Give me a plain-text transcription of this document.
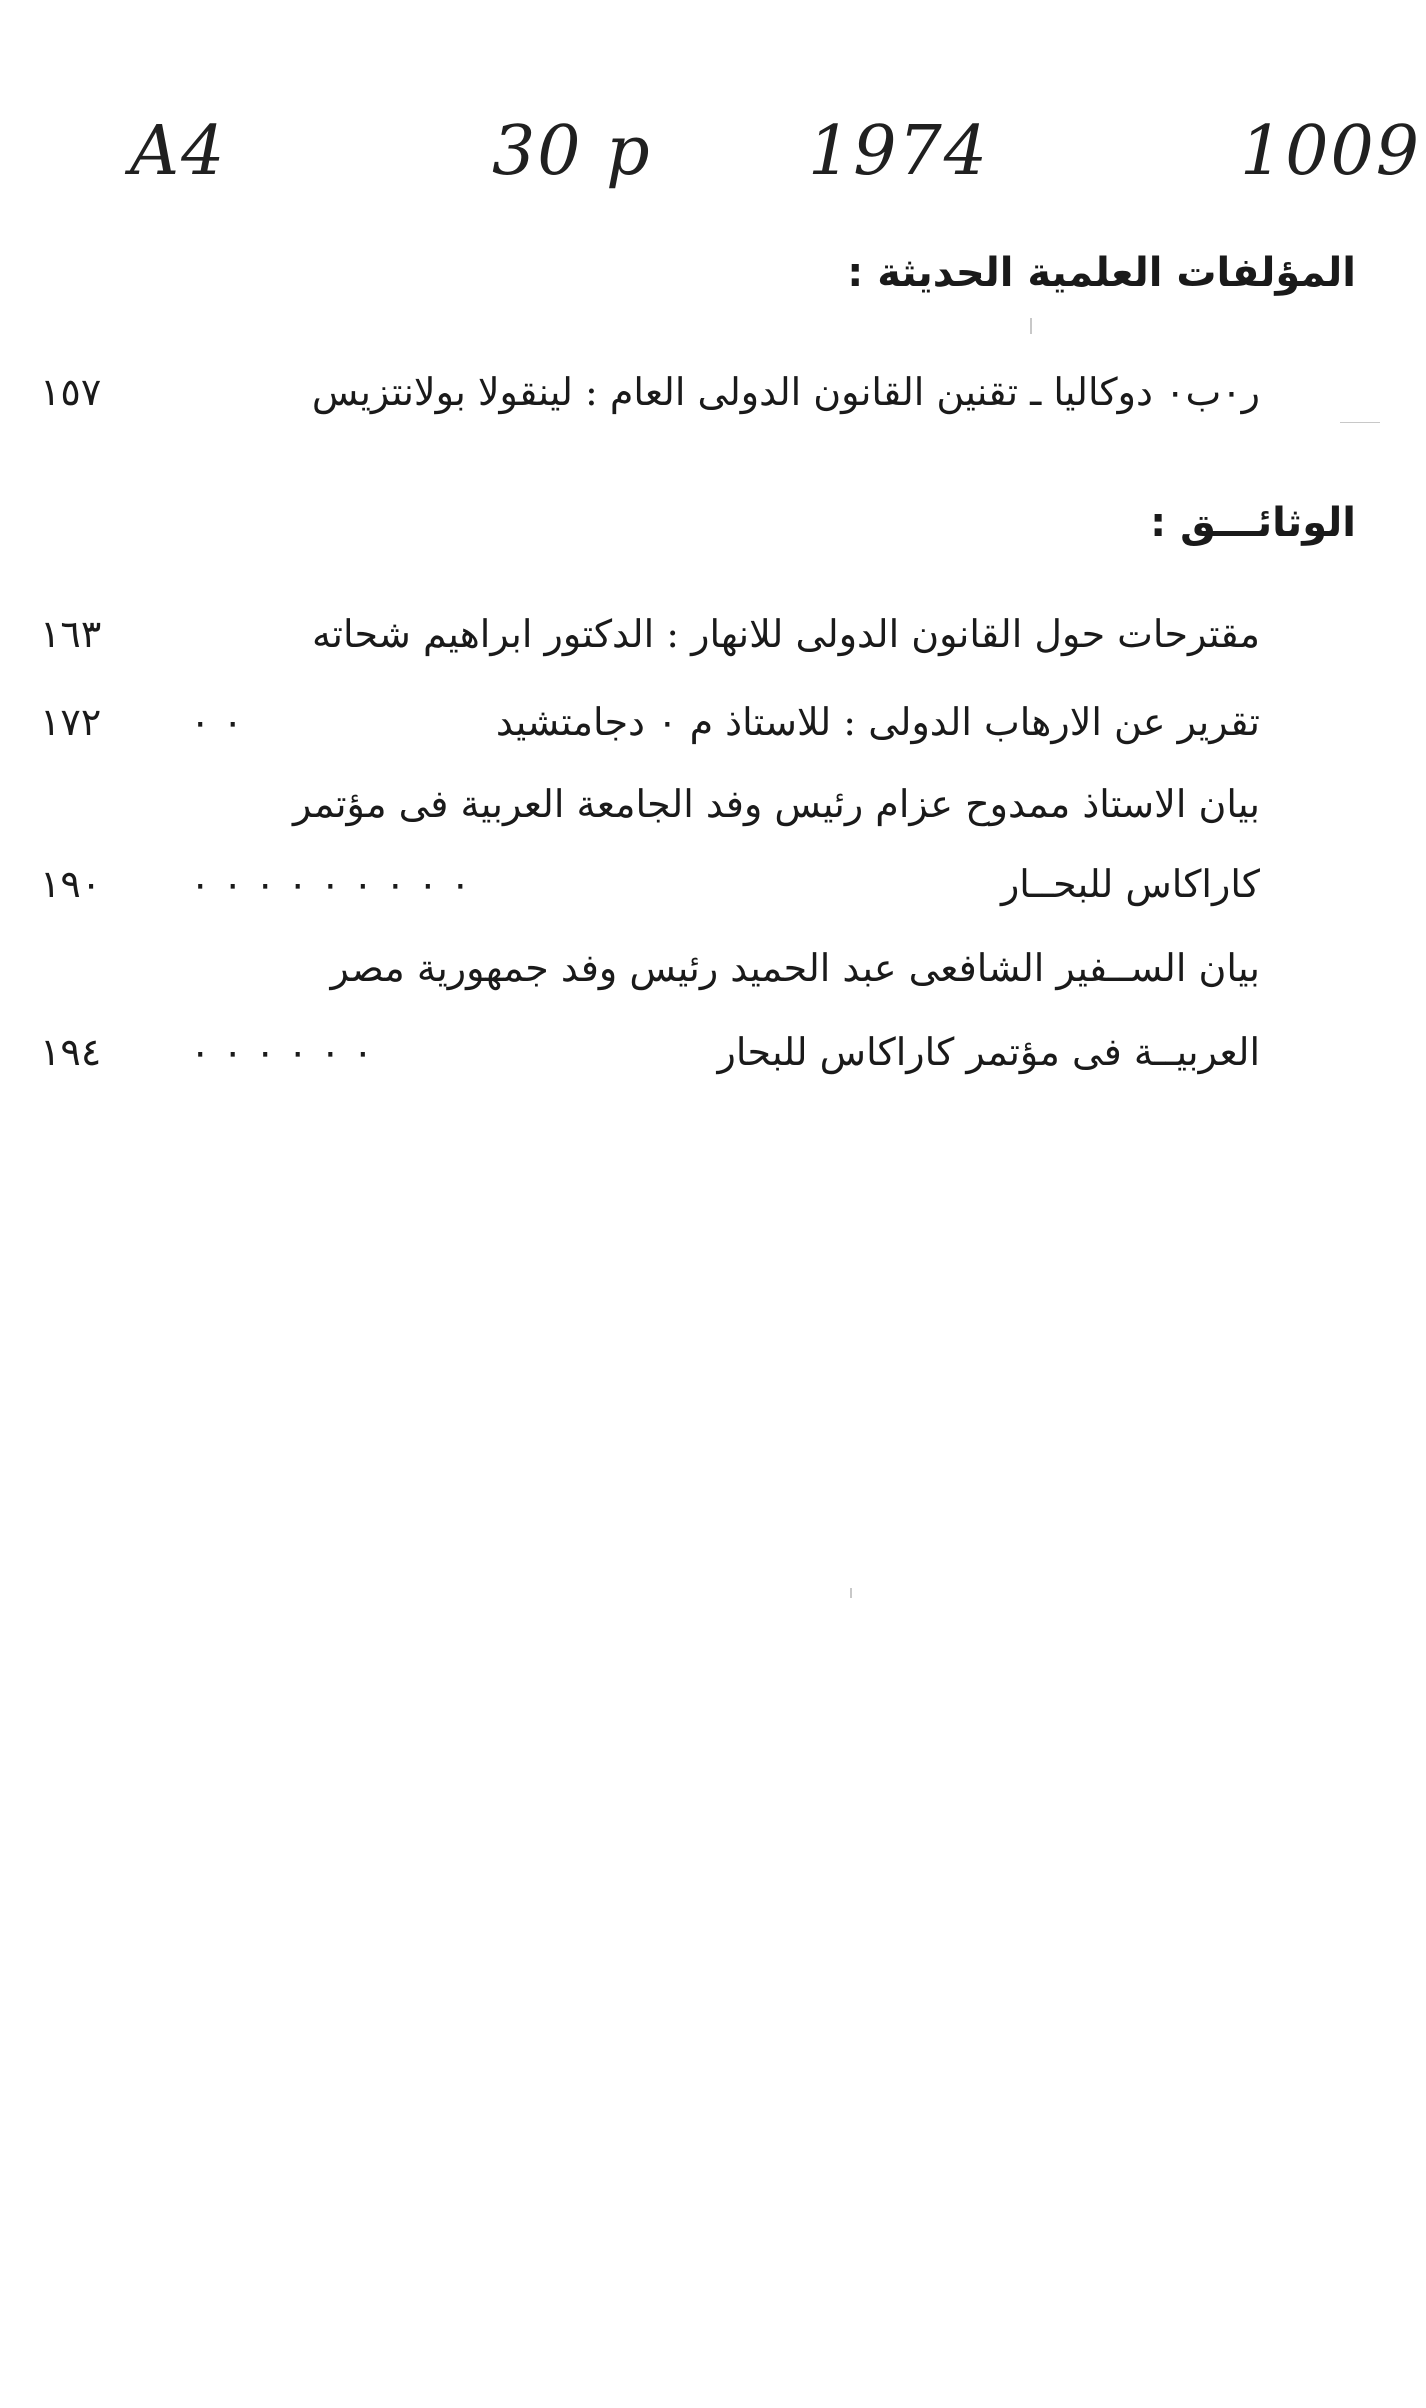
1009
1974
30 p
A4
المؤلفات العلمية الحديثة :
ر٠ب٠ دوكاليا ـ تقنين القانون الدولى العام : لينقولا بولانتزيس
١٥٧
الوثائـــق :
مقترحات حول القانون الدولى للانهار : الدكتور ابراهيم شحاته
١٦٣
تقرير عن الارهاب الدولى : للاستاذ م ٠ دجامتشيد
٠ ٠
١٧٢
بيان الاستاذ ممدوح عزام رئيس وفد الجامعة العربية فى مؤتمر
كاراكاس للبحــار
٠ ٠ ٠ ٠ ٠ ٠ ٠ ٠ ٠
١٩٠
بيان الســفير الشافعى عبد الحميد رئيس وفد جمهورية مصر
العربيــة فى مؤتمر كاراكاس للبحار
٠ ٠ ٠ ٠ ٠ ٠
١٩٤
